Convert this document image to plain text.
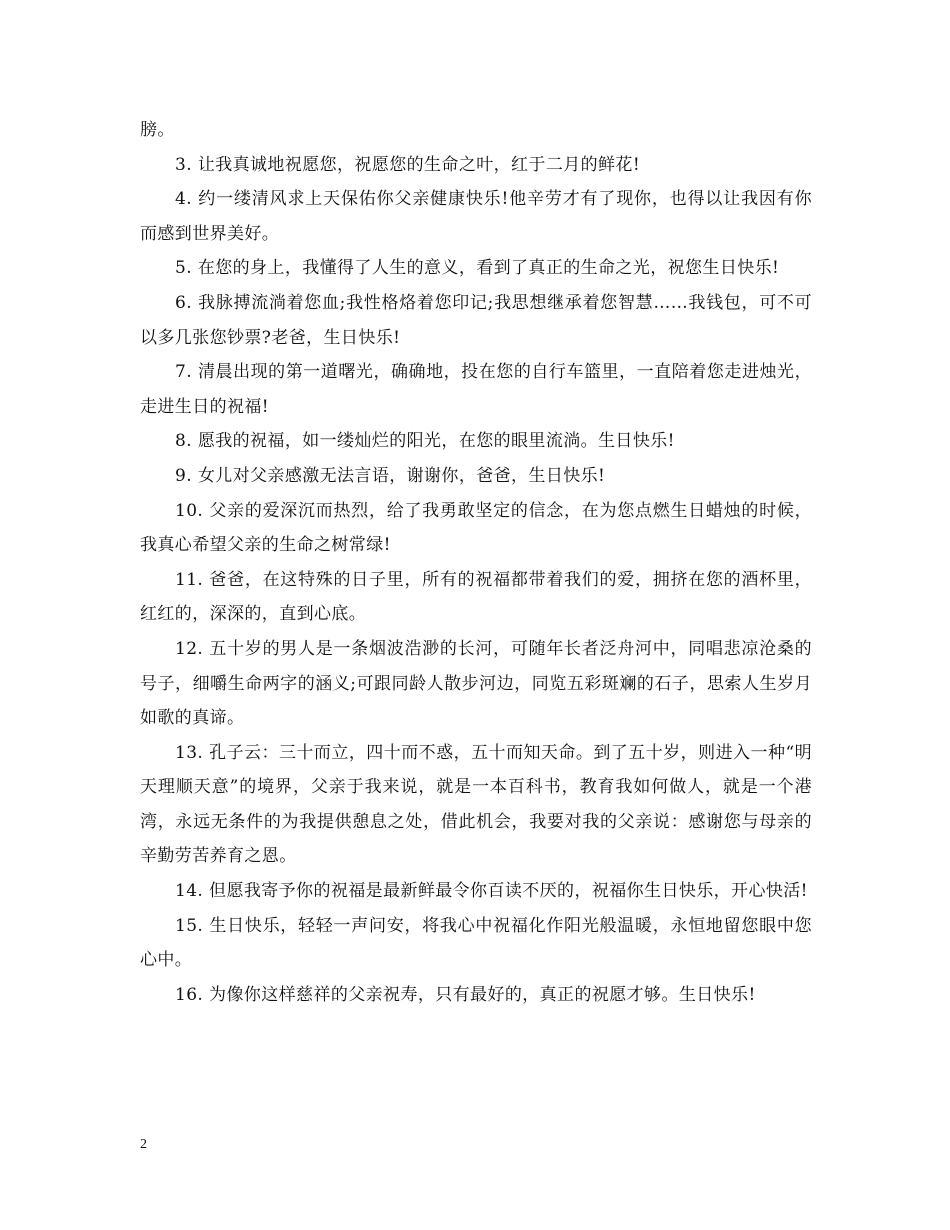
膀。

3. 让我真诚地祝愿您，祝愿您的生命之叶，红于二月的鲜花!

4. 约一缕清风求上天保佑你父亲健康快乐!他辛劳才有了现你，也得以让我因有你而感到世界美好。

5. 在您的身上，我懂得了人生的意义，看到了真正的生命之光，祝您生日快乐!

6. 我脉搏流淌着您血;我性格烙着您印记;我思想继承着您智慧……我钱包，可不可以多几张您钞票?老爸，生日快乐!

7. 清晨出现的第一道曙光，确确地，投在您的自行车篮里，一直陪着您走进烛光，走进生日的祝福!

8. 愿我的祝福，如一缕灿烂的阳光，在您的眼里流淌。生日快乐!

9. 女儿对父亲感激无法言语，谢谢你，爸爸，生日快乐!

10. 父亲的爱深沉而热烈，给了我勇敢坚定的信念，在为您点燃生日蜡烛的时候，我真心希望父亲的生命之树常绿!

11. 爸爸，在这特殊的日子里，所有的祝福都带着我们的爱，拥挤在您的酒杯里，红红的，深深的，直到心底。

12. 五十岁的男人是一条烟波浩渺的长河，可随年长者泛舟河中，同唱悲凉沧桑的号子，细嚼生命两字的涵义;可跟同龄人散步河边，同览五彩斑斓的石子，思索人生岁月如歌的真谛。

13. 孔子云：三十而立，四十而不惑，五十而知天命。到了五十岁，则进入一种“明天理顺天意”的境界，父亲于我来说，就是一本百科书，教育我如何做人，就是一个港湾，永远无条件的为我提供憩息之处，借此机会，我要对我的父亲说：感谢您与母亲的辛勤劳苦养育之恩。

14. 但愿我寄予你的祝福是最新鲜最令你百读不厌的，祝福你生日快乐，开心快活!

15. 生日快乐，轻轻一声问安，将我心中祝福化作阳光般温暖，永恒地留您眼中您心中。

16. 为像你这样慈祥的父亲祝寿，只有最好的，真正的祝愿才够。生日快乐!

2
